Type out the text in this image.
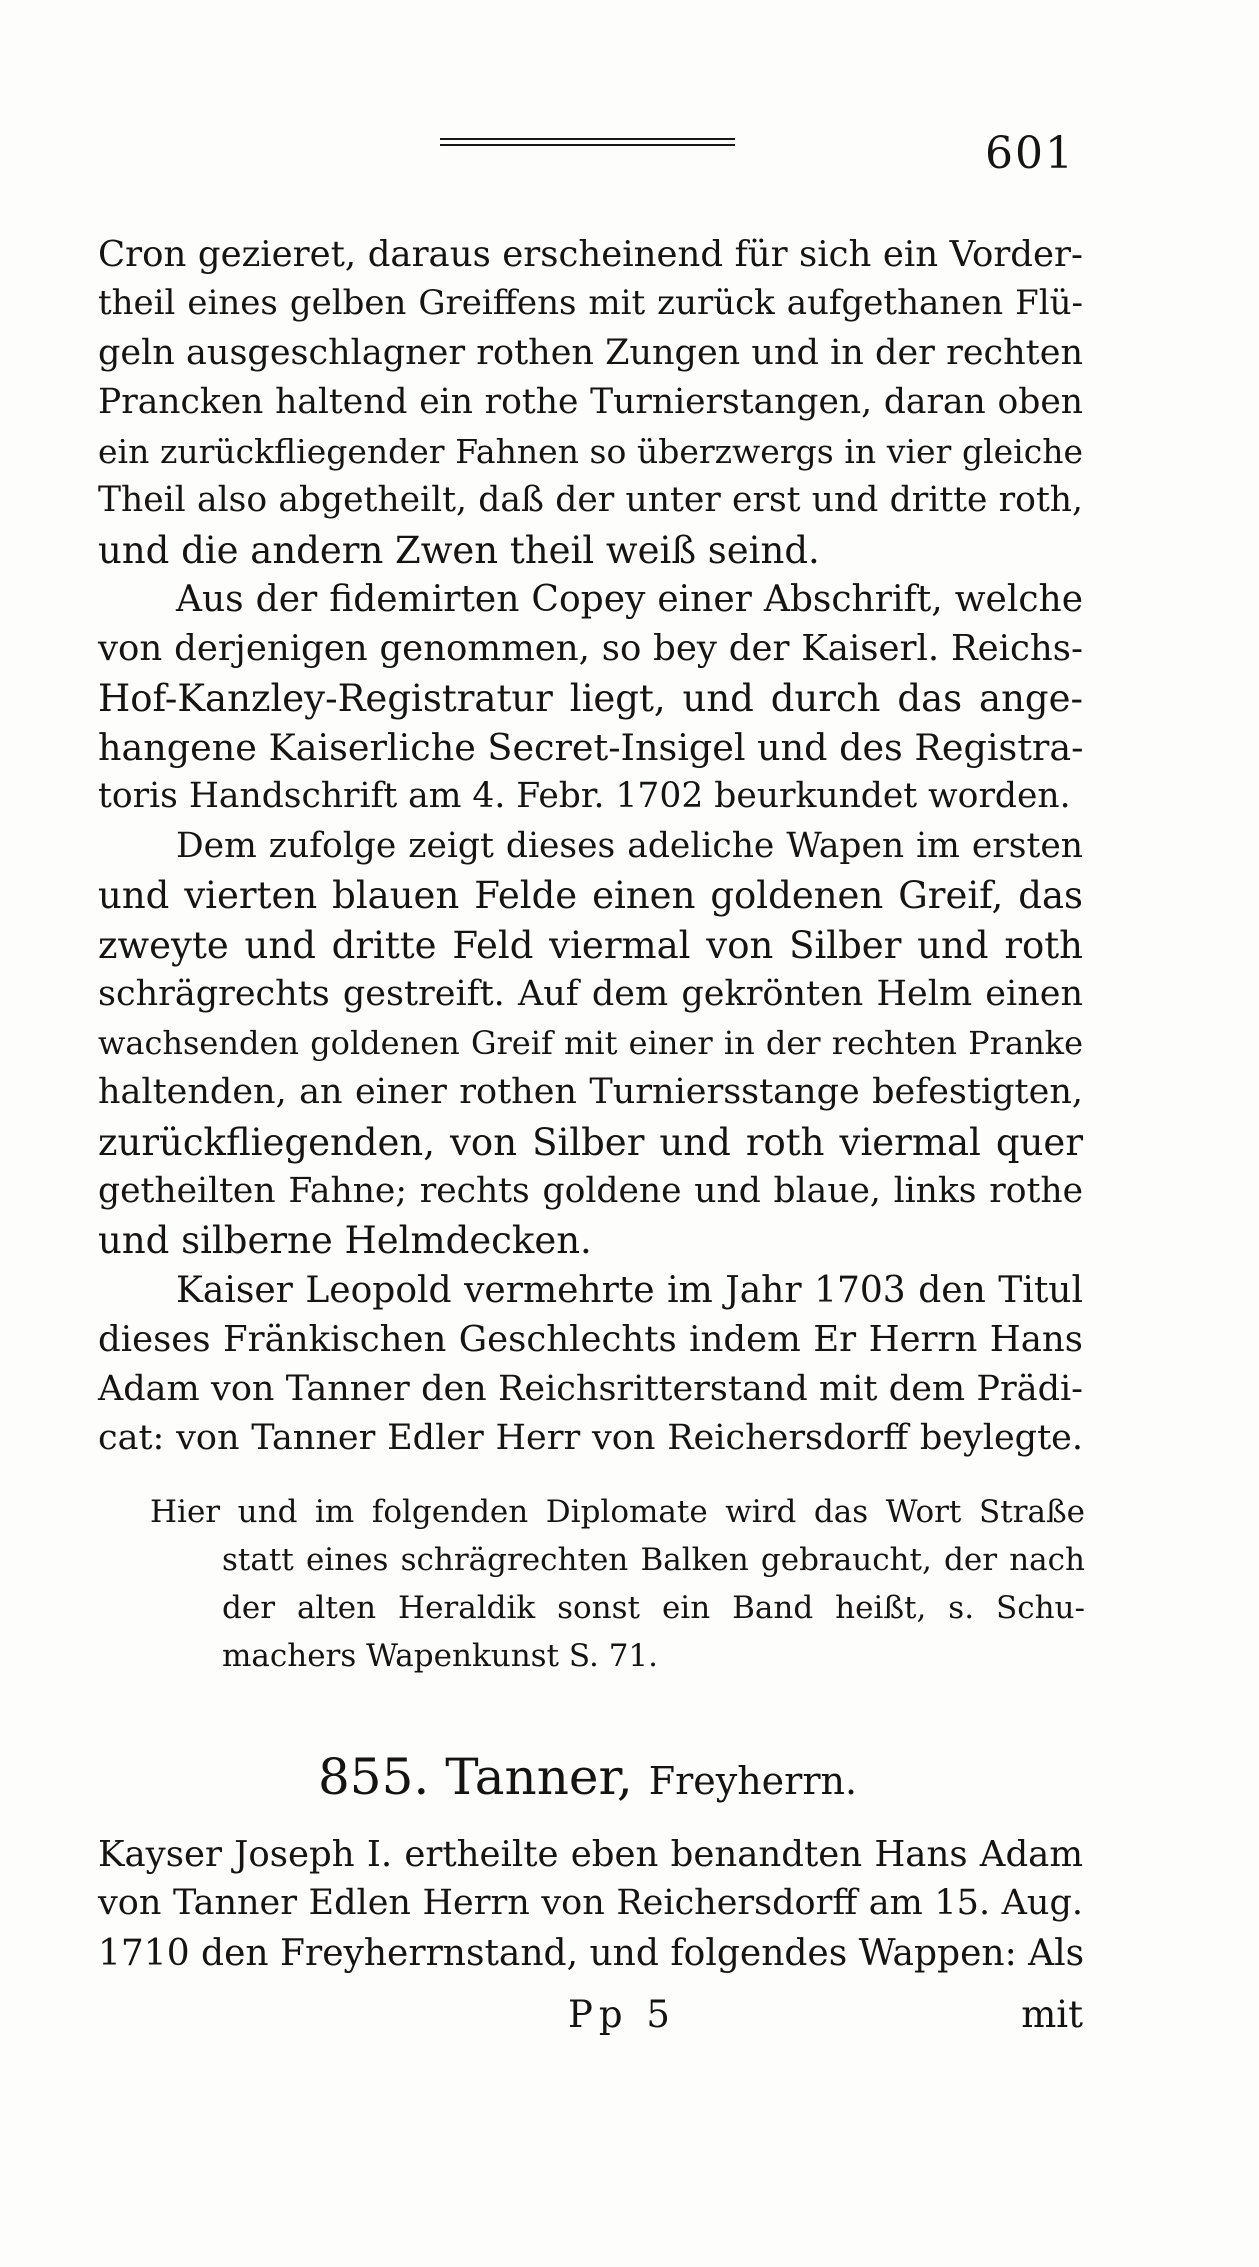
601
Cron gezieret, daraus erscheinend für sich ein Vorder-
theil eines gelben Greiffens mit zurück aufgethanen Flü-
geln ausgeschlagner rothen Zungen und in der rechten
Prancken haltend ein rothe Turnierstangen, daran oben
ein zurückfliegender Fahnen so überzwergs in vier gleiche
Theil also abgetheilt, daß der unter erst und dritte roth,
und die andern Zwen theil weiß seind.
Aus der fidemirten Copey einer Abschrift, welche
von derjenigen genommen, so bey der Kaiserl. Reichs-
Hof-Kanzley-Registratur liegt, und durch das ange-
hangene Kaiserliche Secret-Insigel und des Registra-
toris Handschrift am 4. Febr. 1702 beurkundet worden.
Dem zufolge zeigt dieses adeliche Wapen im ersten
und vierten blauen Felde einen goldenen Greif, das
zweyte und dritte Feld viermal von Silber und roth
schrägrechts gestreift. Auf dem gekrönten Helm einen
wachsenden goldenen Greif mit einer in der rechten Pranke
haltenden, an einer rothen Turniersstange befestigten,
zurückfliegenden, von Silber und roth viermal quer
getheilten Fahne; rechts goldene und blaue, links rothe
und silberne Helmdecken.
Kaiser Leopold vermehrte im Jahr 1703 den Titul
dieses Fränkischen Geschlechts indem Er Herrn Hans
Adam von Tanner den Reichsritterstand mit dem Prädi-
cat: von Tanner Edler Herr von Reichersdorff beylegte.
Hier und im folgenden Diplomate wird das Wort Straße
statt eines schrägrechten Balken gebraucht, der nach
der alten Heraldik sonst ein Band heißt, s. Schu-
machers Wapenkunst S. 71.
855. Tanner, Freyherrn.
Kayser Joseph I. ertheilte eben benandten Hans Adam
von Tanner Edlen Herrn von Reichersdorff am 15. Aug.
1710 den Freyherrnstand, und folgendes Wappen: Als
Pp 5	mit
